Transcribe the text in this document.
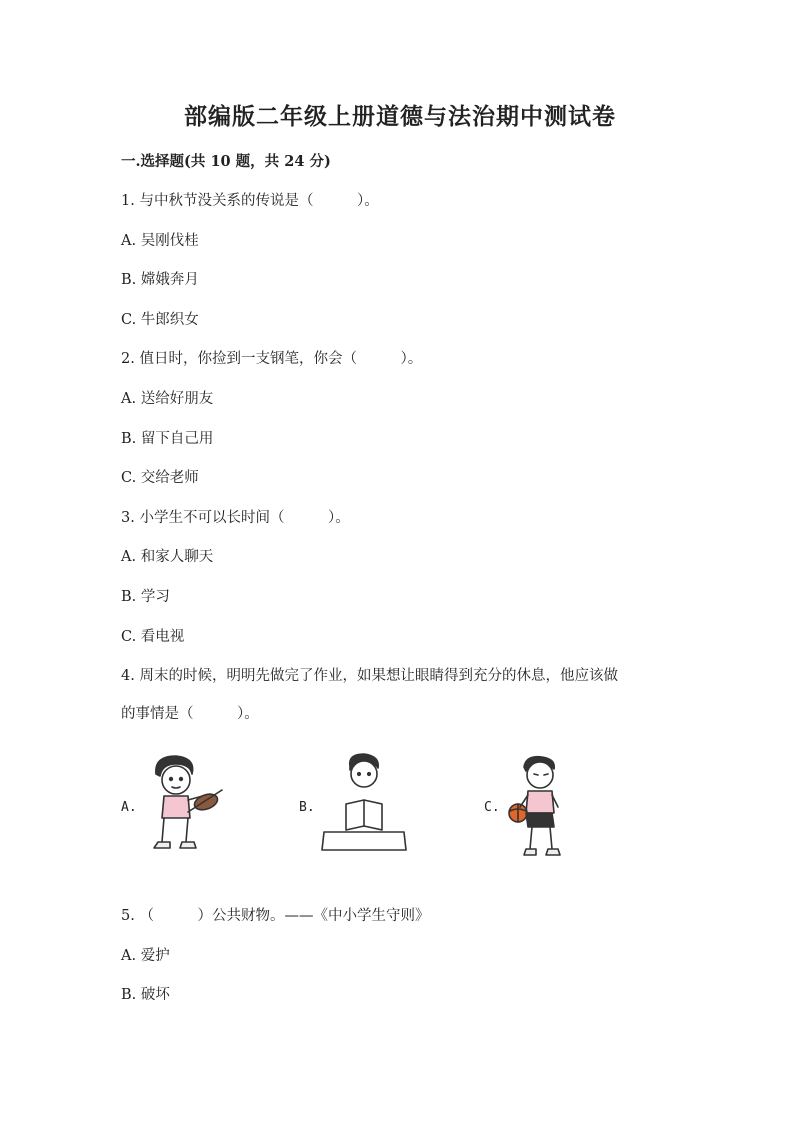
部编版二年级上册道德与法治期中测试卷
一.选择题(共 10 题，共 24 分)
1. 与中秋节没关系的传说是（　　　）。
A. 吴刚伐桂
B. 嫦娥奔月
C. 牛郎织女
2. 值日时，你捡到一支钢笔，你会（　　　）。
A. 送给好朋友
B. 留下自己用
C. 交给老师
3. 小学生不可以长时间（　　　）。
A. 和家人聊天
B. 学习
C. 看电视
4. 周末的时候，明明先做完了作业，如果想让眼睛得到充分的休息，他应该做
的事情是（　　　）。
A.	B.	C.
5. （　　　）公共财物。——《中小学生守则》
A. 爱护
B. 破坏
